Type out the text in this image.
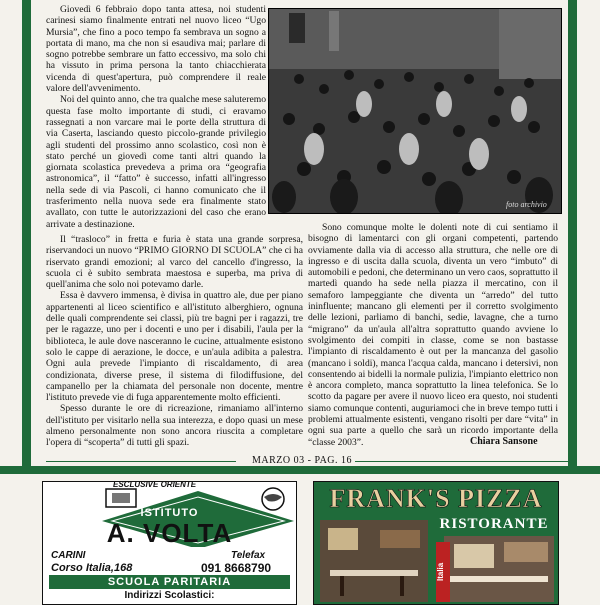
Giovedì 6 febbraio dopo tanta attesa, noi studenti carinesi siamo finalmente entrati nel nuovo liceo “Ugo Mursia”, che fino a poco tempo fa sembrava un sogno a portata di mano, ma che non si esaudiva mai; parlare di sogno potrebbe sembrare un fatto eccessivo, ma solo chi ha vissuto in prima persona la tanto chiacchierata vicenda di quest'apertura, può comprendere il reale valore dell'avvenimento.

Noi del quinto anno, che tra qualche mese saluteremo questa fase molto importante di studi, ci eravamo rassegnati a non varcare mai le porte della struttura di via Caserta, lasciando questo piccolo-grande privilegio agli studenti del prossimo anno scolastico, così non è stato perché un giovedì come tanti altri quando la giornata scolastica prevedeva a prima ora “geografia astronomica”, il “fatto” è successo, infatti all'ingresso nella sede di via Pascoli, ci hanno comunicato che il trasferimento nella nuova sede era finalmente stato avallato, con tutte le autorizzazioni del caso che erano arrivate a destinazione.

foto archivio

Il “trasloco” in fretta e furia è stata una grande sorpresa, riservandoci un nuovo “PRIMO GIORNO DI SCUOLA” che ci ha riservato grandi emozioni; al varco del cancello d'ingresso, la scuola ci è subito sembrata maestosa e superba, ma priva di quell'anima che solo noi potevamo darle.

Essa è davvero immensa, è divisa in quattro ale, due per piano appartenenti al liceo scientifico e all'istituto alberghiero, ognuna delle quali comprendente sei classi, più tre bagni per i ragazzi, tre per le ragazze, uno per i docenti e uno per i disabili, l'aula per la biblioteca, le aule dove nasceranno le cucine, attualmente esistono solo le cappe di aerazione, le docce, e un'aula adibita a palestra. Ogni aula prevede l'impianto di riscaldamento, di area condizionata, diverse prese, il sistema di filodiffusione, del campanello per la chiamata del personale non docente, mentre l'istituto prevede vie di fuga apparentemente molto efficienti.

Spesso durante le ore di ricreazione, rimaniamo all'interno dell'istituto per visitarlo nella sua interezza, e dopo quasi un mese almeno personalmente non sono ancora riuscita a completare l'opera di “scoperta” di tutti gli spazi.

Sono comunque molte le dolenti note di cui sentiamo il bisogno di lamentarci con gli organi competenti, partendo ovviamente dalla via di accesso alla struttura, che nelle ore di ingresso e di uscita dalla scuola, diventa un vero “imbuto” di automobili e pedoni, che determinano un vero caos, soprattutto il martedì quando ha sede nella piazza il mercatino, con il semaforo lampeggiante che diventa un “arredo” del tutto ininfluente; mancano gli elementi per il corretto svolgimento delle lezioni, parliamo di banchi, sedie, lavagne, che a turno “migrano” da un'aula all'altra soprattutto quando avviene lo svolgimento dei compiti in classe, come se non bastasse l'impianto di riscaldamento è out per la mancanza del gasolio (mancano i soldi), manca l'acqua calda, mancano i detersivi, non consentendo ai bidelli la normale pulizia, l'impianto elettrico non è ancora completo, manca soprattutto la linea telefonica. Se lo scotto da pagare per avere il nuovo liceo era questo, noi studenti siamo comunque contenti, auguriamoci che in breve tempo tutti i problemi attualmente esistenti, vengano risolti per dare “vita” in ogni sua parte a quello che sarà un ricordo importante della “classe 2003”.	Chiara Sansone
MARZO 03 - PAG. 16
ESCLUSIVE ORIENTE
ISTITUTO
A. VOLTA
CARINI	Telefax
Corso Italia,168	091 8668790
SCUOLA PARITARIA
Indirizzi Scolastici:
FRANK'S PIZZA
RISTORANTE
Italia
